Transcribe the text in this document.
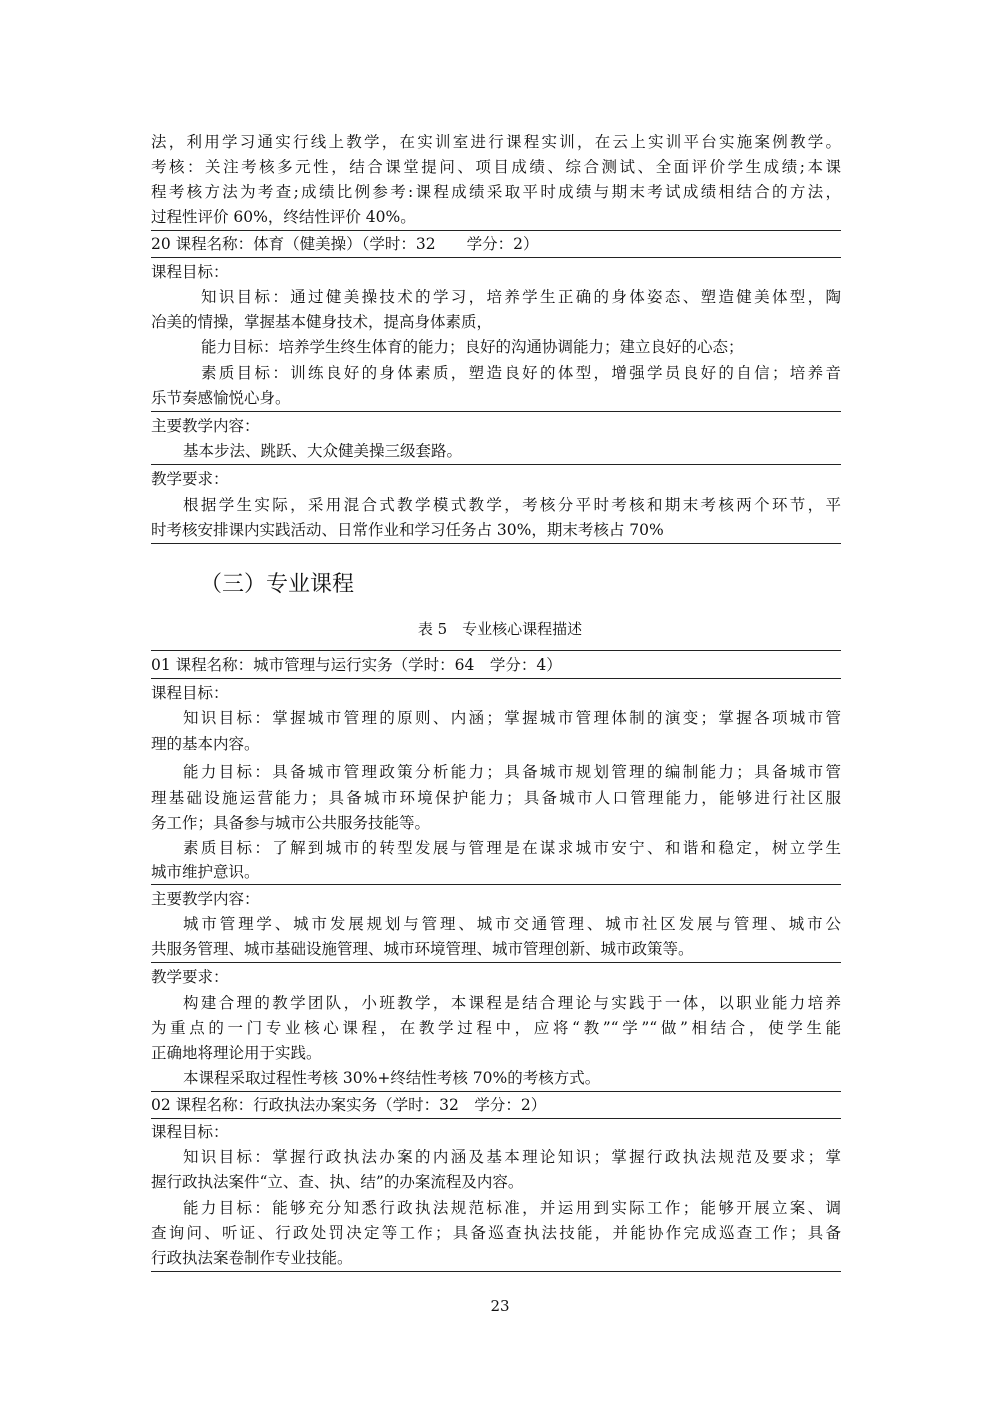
法，利用学习通实行线上教学，在实训室进行课程实训，在云上实训平台实施案例教学。
考核：关注考核多元性，结合课堂提问、项目成绩、综合测试、全面评价学生成绩;本课
程考核方法为考查;成绩比例参考:课程成绩采取平时成绩与期末考试成绩相结合的方法，
过程性评价 60%，终结性评价 40%。
20 课程名称：体育（健美操）（学时：32　　学分：2）
课程目标：
知识目标：通过健美操技术的学习，培养学生正确的身体姿态、塑造健美体型，陶
冶美的情操，掌握基本健身技术，提高身体素质，
能力目标：培养学生终生体育的能力；良好的沟通协调能力；建立良好的心态；
素质目标：训练良好的身体素质，塑造良好的体型，增强学员良好的自信；培养音
乐节奏感愉悦心身。
主要教学内容：
基本步法、跳跃、大众健美操三级套路。
教学要求：
根据学生实际，采用混合式教学模式教学，考核分平时考核和期末考核两个环节，平
时考核安排课内实践活动、日常作业和学习任务占 30%，期末考核占 70%
（三）专业课程
表 5　专业核心课程描述
01 课程名称：城市管理与运行实务（学时：64　学分：4）
课程目标：
知识目标：掌握城市管理的原则、内涵；掌握城市管理体制的演变；掌握各项城市管
理的基本内容。
能力目标：具备城市管理政策分析能力；具备城市规划管理的编制能力；具备城市管
理基础设施运营能力；具备城市环境保护能力；具备城市人口管理能力，能够进行社区服
务工作；具备参与城市公共服务技能等。
素质目标：了解到城市的转型发展与管理是在谋求城市安宁、和谐和稳定，树立学生
城市维护意识。
主要教学内容：
城市管理学、城市发展规划与管理、城市交通管理、城市社区发展与管理、城市公
共服务管理、城市基础设施管理、城市环境管理、城市管理创新、城市政策等。
教学要求：
构建合理的教学团队，小班教学，本课程是结合理论与实践于一体，以职业能力培养
为重点的一门专业核心课程，在教学过程中，应将“教”“学”“做”相结合，使学生能
正确地将理论用于实践。
本课程采取过程性考核 30%+终结性考核 70%的考核方式。
02 课程名称：行政执法办案实务（学时：32　学分：2）
课程目标：
知识目标：掌握行政执法办案的内涵及基本理论知识；掌握行政执法规范及要求；掌
握行政执法案件“立、查、执、结”的办案流程及内容。
能力目标：能够充分知悉行政执法规范标准，并运用到实际工作；能够开展立案、调
查询问、听证、行政处罚决定等工作；具备巡查执法技能，并能协作完成巡查工作；具备
行政执法案卷制作专业技能。
23
